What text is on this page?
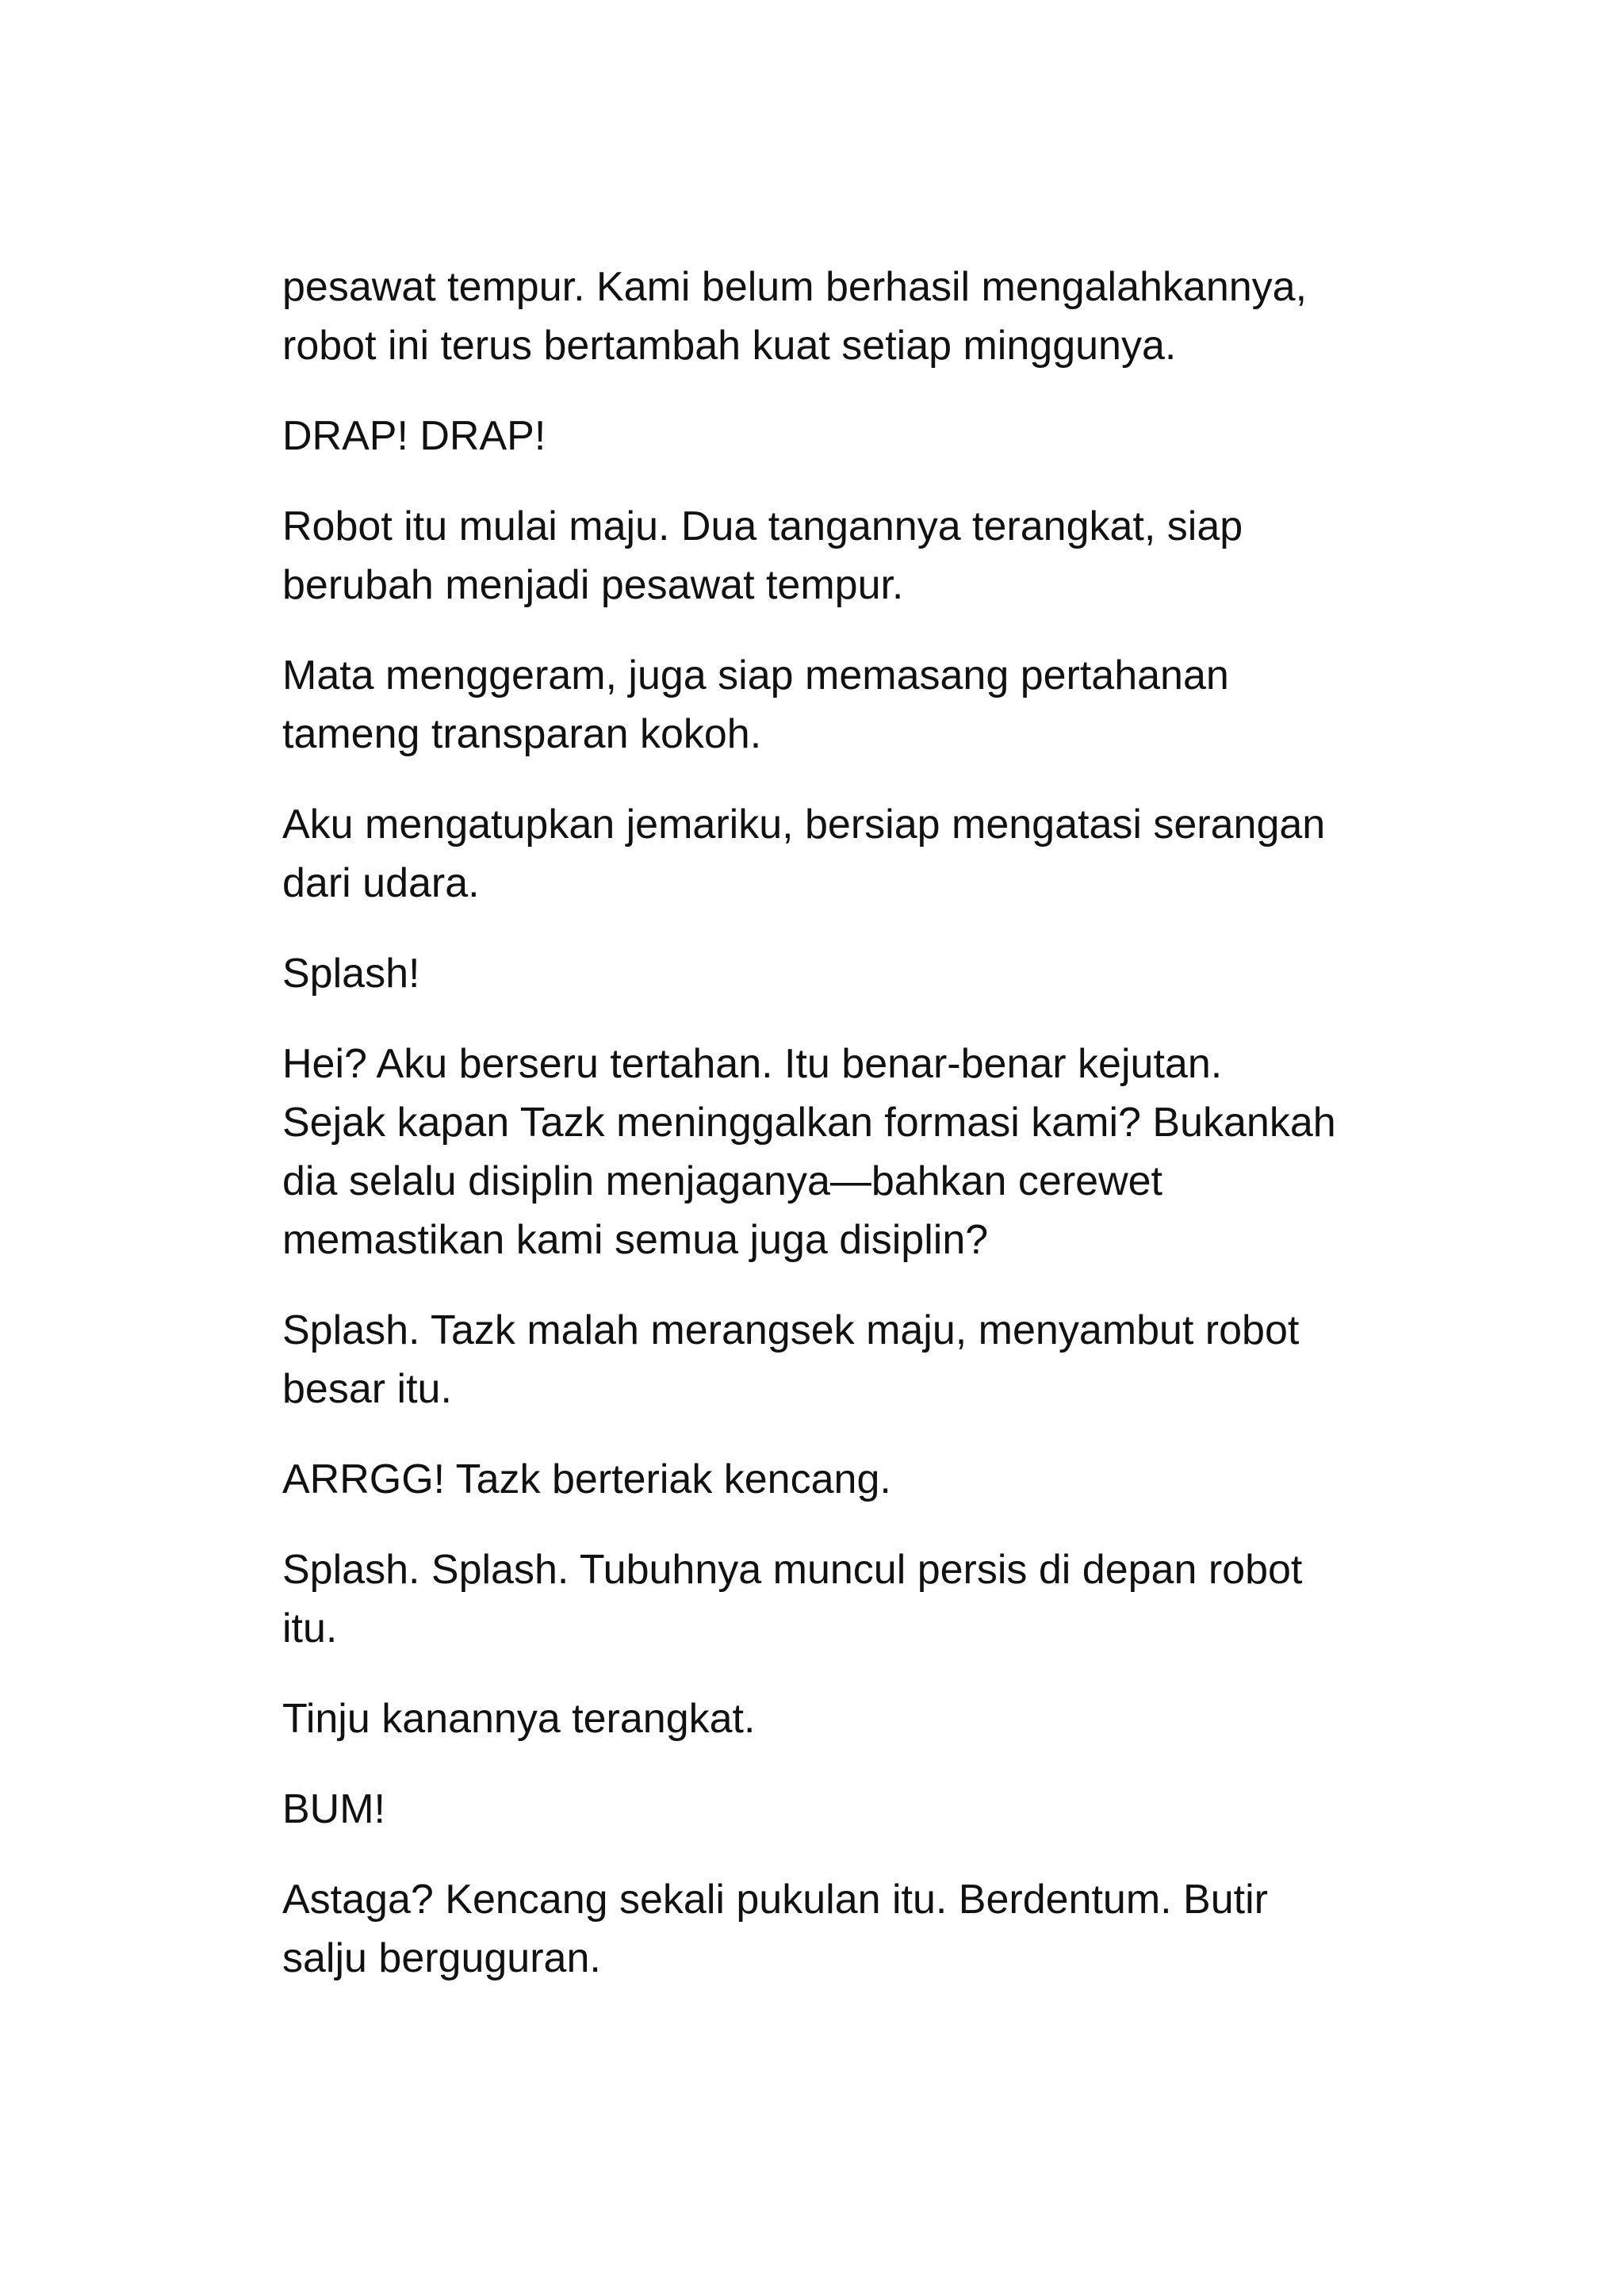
pesawat tempur. Kami belum berhasil mengalahkannya,
robot ini terus bertambah kuat setiap minggunya.

DRAP! DRAP!

Robot itu mulai maju. Dua tangannya terangkat, siap
berubah menjadi pesawat tempur.

Mata menggeram, juga siap memasang pertahanan
tameng transparan kokoh.

Aku mengatupkan jemariku, bersiap mengatasi serangan
dari udara.

Splash!

Hei? Aku berseru tertahan. Itu benar-benar kejutan.
Sejak kapan Tazk meninggalkan formasi kami? Bukankah
dia selalu disiplin menjaganya—bahkan cerewet
memastikan kami semua juga disiplin?

Splash. Tazk malah merangsek maju, menyambut robot
besar itu.

ARRGG! Tazk berteriak kencang.

Splash. Splash. Tubuhnya muncul persis di depan robot
itu.

Tinju kanannya terangkat.

BUM!

Astaga? Kencang sekali pukulan itu. Berdentum. Butir
salju berguguran.
